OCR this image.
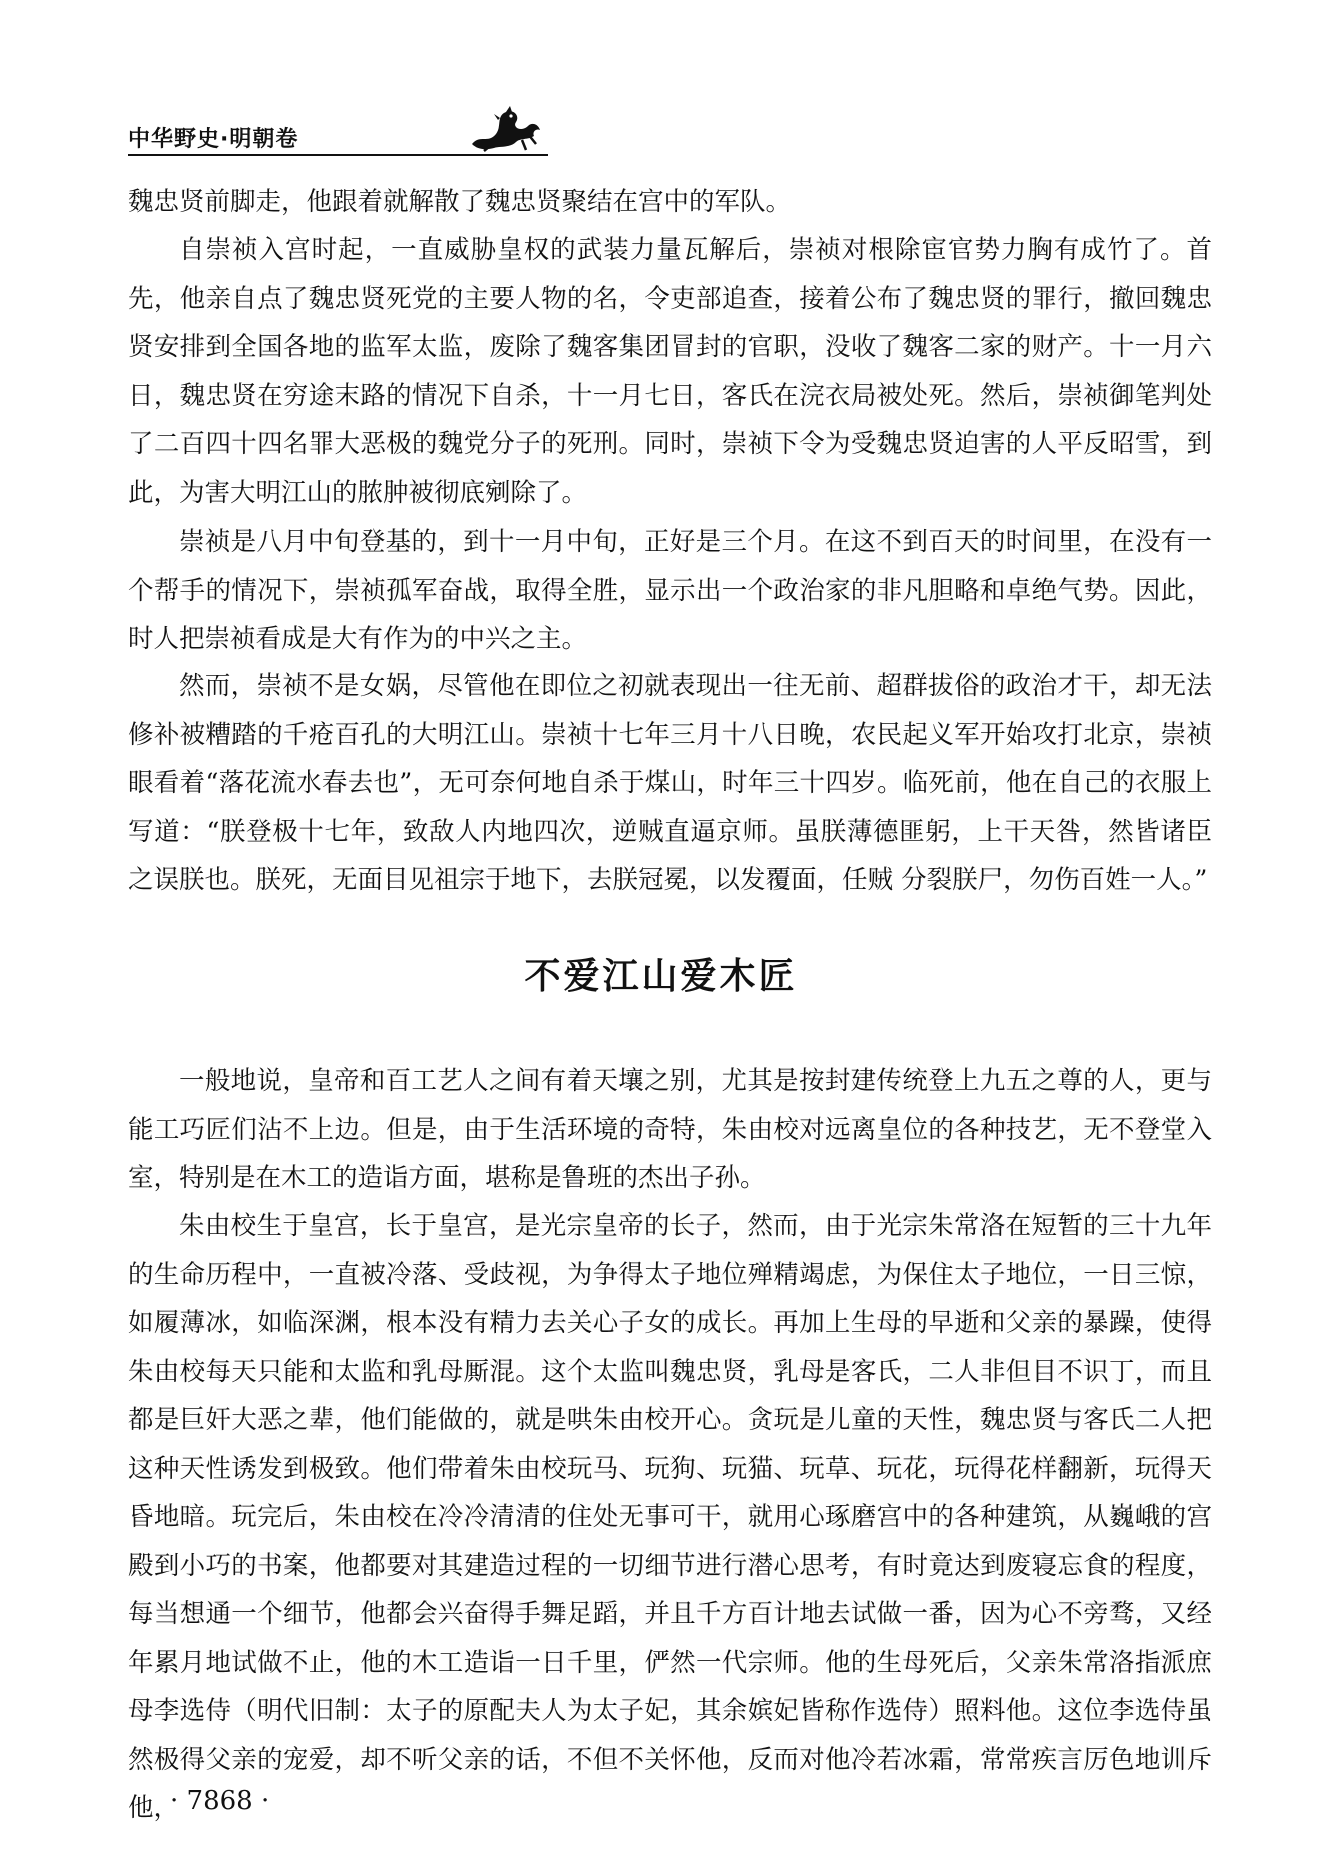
中华野史·明朝卷

魏忠贤前脚走，他跟着就解散了魏忠贤聚结在宫中的军队。

自崇祯入宫时起，一直威胁皇权的武装力量瓦解后，崇祯对根除宦官势力胸有成竹了。首先，他亲自点了魏忠贤死党的主要人物的名，令吏部追查，接着公布了魏忠贤的罪行，撤回魏忠贤安排到全国各地的监军太监，废除了魏客集团冒封的官职，没收了魏客二家的财产。十一月六日，魏忠贤在穷途末路的情况下自杀，十一月七日，客氏在浣衣局被处死。然后，崇祯御笔判处了二百四十四名罪大恶极的魏党分子的死刑。同时，崇祯下令为受魏忠贤迫害的人平反昭雪，到此，为害大明江山的脓肿被彻底剜除了。

崇祯是八月中旬登基的，到十一月中旬，正好是三个月。在这不到百天的时间里，在没有一个帮手的情况下，崇祯孤军奋战，取得全胜，显示出一个政治家的非凡胆略和卓绝气势。因此，时人把崇祯看成是大有作为的中兴之主。

然而，崇祯不是女娲，尽管他在即位之初就表现出一往无前、超群拔俗的政治才干，却无法修补被糟踏的千疮百孔的大明江山。崇祯十七年三月十八日晚，农民起义军开始攻打北京，崇祯眼看着“落花流水春去也”，无可奈何地自杀于煤山，时年三十四岁。临死前，他在自己的衣服上写道：“朕登极十七年，致敌人内地四次，逆贼直逼京师。虽朕薄德匪躬，上干天咎，然皆诸臣之误朕也。朕死，无面目见祖宗于地下，去朕冠冕，以发覆面，任贼 分裂朕尸，勿伤百姓一人。”

不爱江山爱木匠

一般地说，皇帝和百工艺人之间有着天壤之别，尤其是按封建传统登上九五之尊的人，更与能工巧匠们沾不上边。但是，由于生活环境的奇特，朱由校对远离皇位的各种技艺，无不登堂入室，特别是在木工的造诣方面，堪称是鲁班的杰出子孙。

朱由校生于皇宫，长于皇宫，是光宗皇帝的长子，然而，由于光宗朱常洛在短暂的三十九年的生命历程中，一直被冷落、受歧视，为争得太子地位殚精竭虑，为保住太子地位，一日三惊，如履薄冰，如临深渊，根本没有精力去关心子女的成长。再加上生母的早逝和父亲的暴躁，使得朱由校每天只能和太监和乳母厮混。这个太监叫魏忠贤，乳母是客氏，二人非但目不识丁，而且都是巨奸大恶之辈，他们能做的，就是哄朱由校开心。贪玩是儿童的天性，魏忠贤与客氏二人把这种天性诱发到极致。他们带着朱由校玩马、玩狗、玩猫、玩草、玩花，玩得花样翻新，玩得天昏地暗。玩完后，朱由校在冷冷清清的住处无事可干，就用心琢磨宫中的各种建筑，从巍峨的宫殿到小巧的书案，他都要对其建造过程的一切细节进行潜心思考，有时竟达到废寝忘食的程度，每当想通一个细节，他都会兴奋得手舞足蹈，并且千方百计地去试做一番，因为心不旁骛，又经年累月地试做不止，他的木工造诣一日千里，俨然一代宗师。他的生母死后，父亲朱常洛指派庶母李选侍（明代旧制：太子的原配夫人为太子妃，其余嫔妃皆称作选侍）照料他。这位李选侍虽然极得父亲的宠爱，却不听父亲的话，不但不关怀他，反而对他冷若冰霜，常常疾言厉色地训斥他，

· 7868 ·
